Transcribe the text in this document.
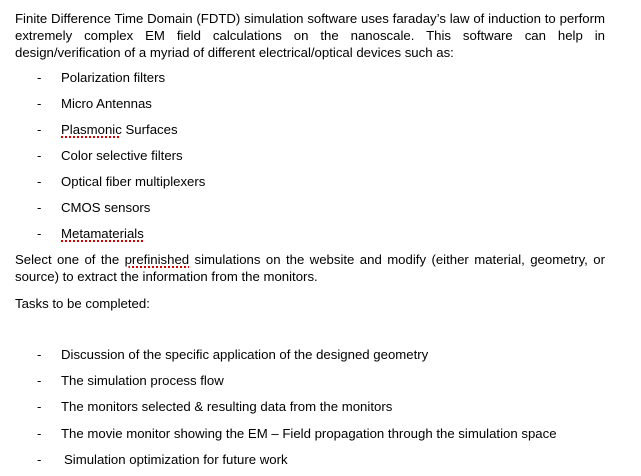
Finite Difference Time Domain (FDTD) simulation software uses faraday’s law of induction to perform extremely complex EM field calculations on the nanoscale. This software can help in design/verification of a myriad of different electrical/optical devices such as:

- Polarization filters
- Micro Antennas
- Plasmonic Surfaces
- Color selective filters
- Optical fiber multiplexers
- CMOS sensors
- Metamaterials

Select one of the prefinished simulations on the website and modify (either material, geometry, or source) to extract the information from the monitors.

Tasks to be completed:

- Discussion of the specific application of the designed geometry
- The simulation process flow
- The monitors selected & resulting data from the monitors
- The movie monitor showing the EM – Field propagation through the simulation space
- Simulation optimization for future work
